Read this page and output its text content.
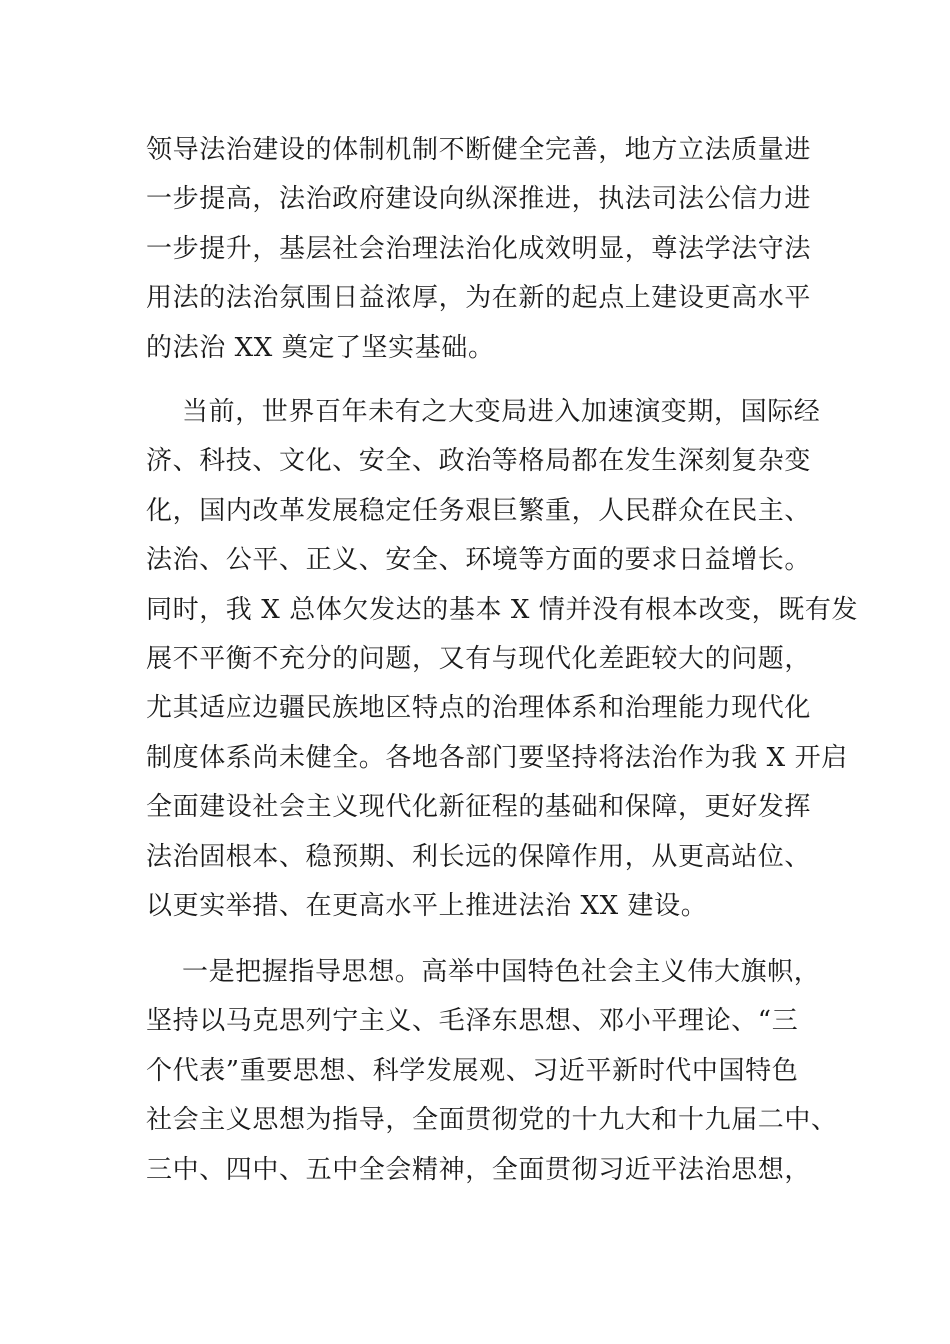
领导法治建设的体制机制不断健全完善，地方立法质量进
一步提高，法治政府建设向纵深推进，执法司法公信力进
一步提升，基层社会治理法治化成效明显，尊法学法守法
用法的法治氛围日益浓厚，为在新的起点上建设更高水平
的法治 XX 奠定了坚实基础。
当前，世界百年未有之大变局进入加速演变期，国际经
济、科技、文化、安全、政治等格局都在发生深刻复杂变
化，国内改革发展稳定任务艰巨繁重，人民群众在民主、
法治、公平、正义、安全、环境等方面的要求日益增长。
同时，我 X 总体欠发达的基本 X 情并没有根本改变，既有发
展不平衡不充分的问题，又有与现代化差距较大的问题，
尤其适应边疆民族地区特点的治理体系和治理能力现代化
制度体系尚未健全。各地各部门要坚持将法治作为我 X 开启
全面建设社会主义现代化新征程的基础和保障，更好发挥
法治固根本、稳预期、利长远的保障作用，从更高站位、
以更实举措、在更高水平上推进法治 XX 建设。
一是把握指导思想。高举中国特色社会主义伟大旗帜，
坚持以马克思列宁主义、毛泽东思想、邓小平理论、“三
个代表”重要思想、科学发展观、习近平新时代中国特色
社会主义思想为指导，全面贯彻党的十九大和十九届二中、
三中、四中、五中全会精神，全面贯彻习近平法治思想，
